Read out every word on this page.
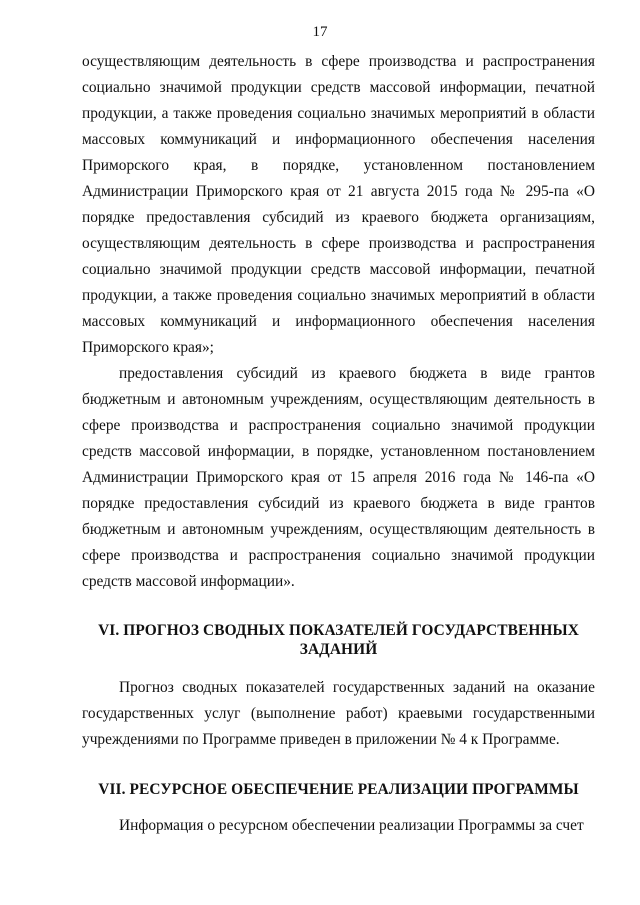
17

осуществляющим деятельность в сфере производства и распространения социально значимой продукции средств массовой информации, печатной продукции, а также проведения социально значимых мероприятий в области массовых коммуникаций и информационного обеспечения населения Приморского края, в порядке, установленном постановлением Администрации Приморского края от 21 августа 2015 года № 295-па «О порядке предоставления субсидий из краевого бюджета организациям, осуществляющим деятельность в сфере производства и распространения социально значимой продукции средств массовой информации, печатной продукции, а также проведения социально значимых мероприятий в области массовых коммуникаций и информационного обеспечения населения Приморского края»;

предоставления субсидий из краевого бюджета в виде грантов бюджетным и автономным учреждениям, осуществляющим деятельность в сфере производства и распространения социально значимой продукции средств массовой информации, в порядке, установленном постановлением Администрации Приморского края от 15 апреля 2016 года № 146-па «О порядке предоставления субсидий из краевого бюджета в виде грантов бюджетным и автономным учреждениям, осуществляющим деятельность в сфере производства и распространения социально значимой продукции средств массовой информации».

VI. ПРОГНОЗ СВОДНЫХ ПОКАЗАТЕЛЕЙ ГОСУДАРСТВЕННЫХ

ЗАДАНИЙ

Прогноз сводных показателей государственных заданий на оказание государственных услуг (выполнение работ) краевыми государственными учреждениями по Программе приведен в приложении № 4 к Программе.

VII. РЕСУРСНОЕ ОБЕСПЕЧЕНИЕ РЕАЛИЗАЦИИ ПРОГРАММЫ

Информация о ресурсном обеспечении реализации Программы за счет
